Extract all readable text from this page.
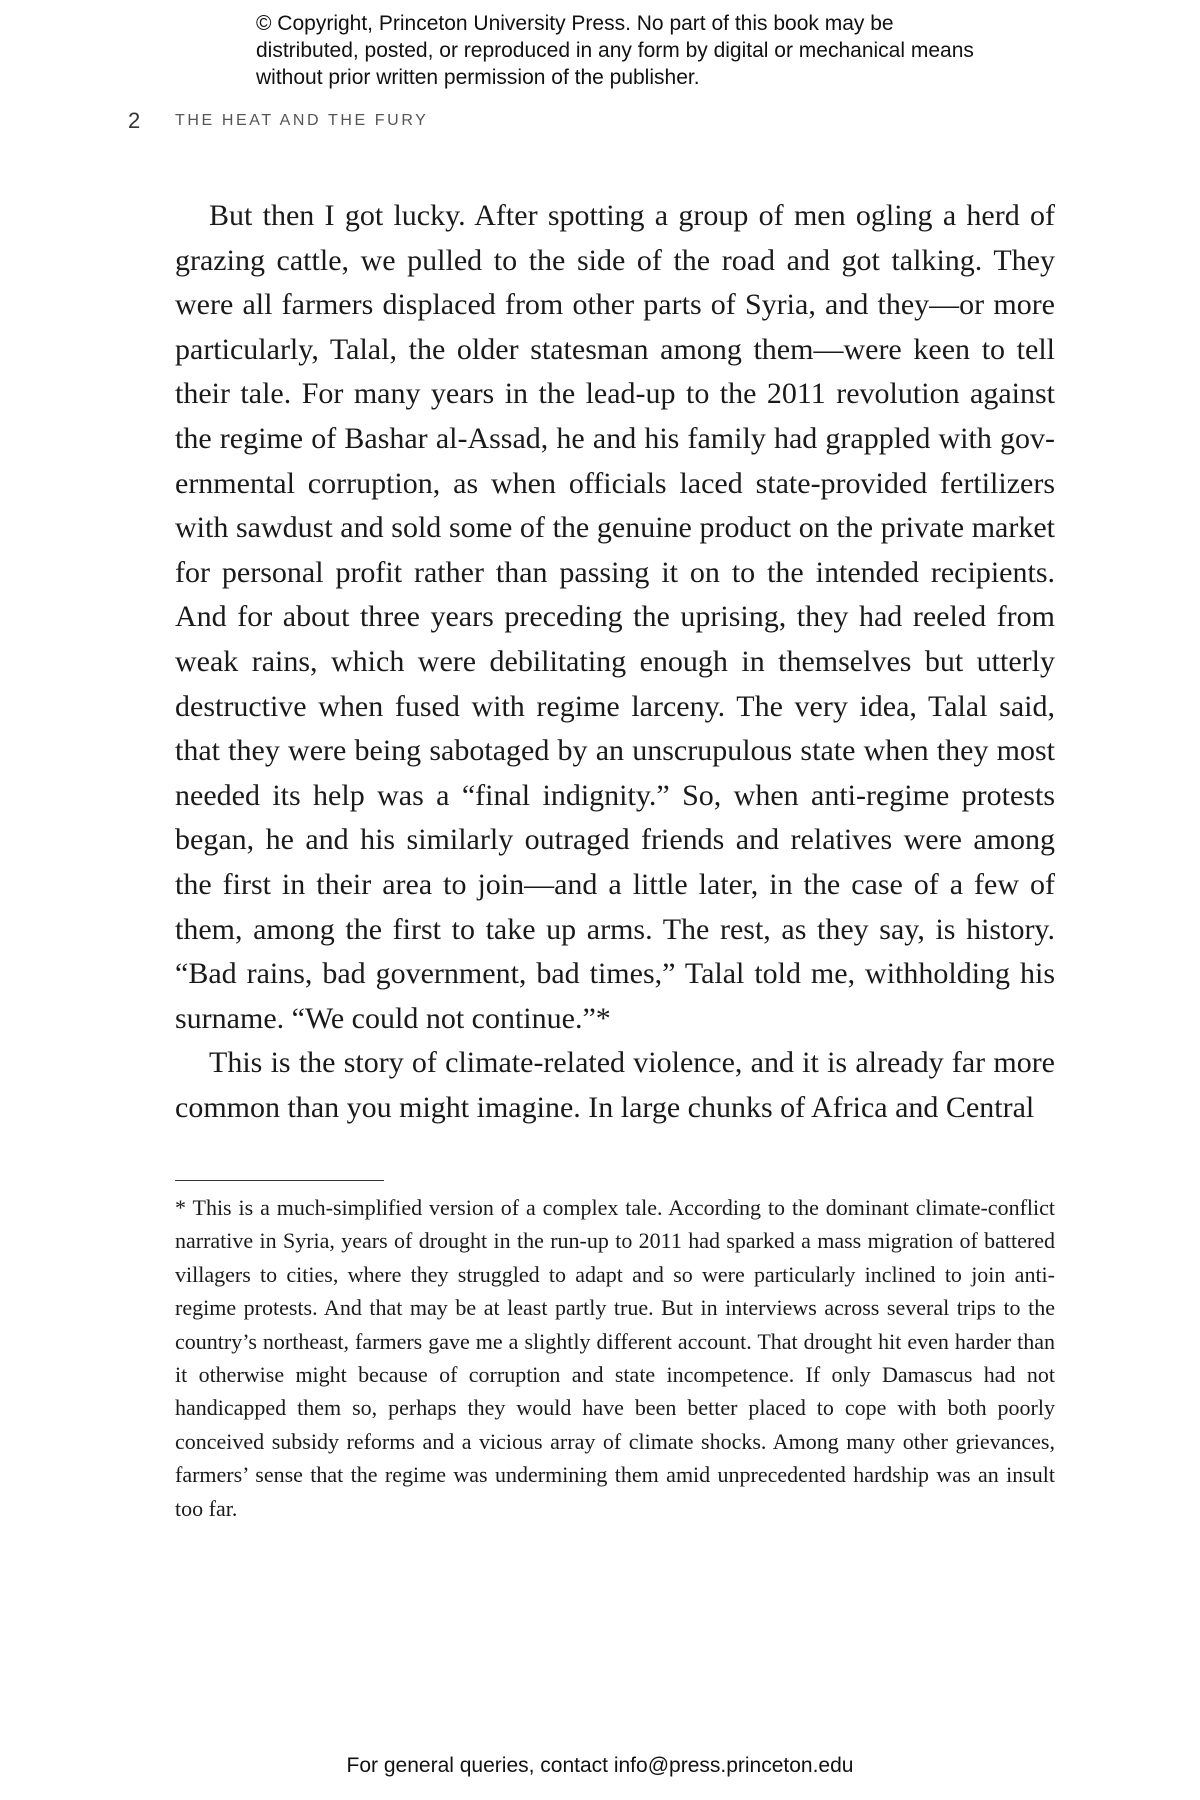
© Copyright, Princeton University Press. No part of this book may be distributed, posted, or reproduced in any form by digital or mechanical means without prior written permission of the publisher.
2 THE HEAT AND THE FURY

But then I got lucky. After spotting a group of men ogling a herd of grazing cattle, we pulled to the side of the road and got talking. They were all farmers displaced from other parts of Syria, and they—or more particularly, Talal, the older statesman among them—were keen to tell their tale. For many years in the lead-up to the 2011 revolution against the regime of Bashar al-Assad, he and his family had grappled with governmental corruption, as when officials laced state-provided fertilizers with sawdust and sold some of the genuine product on the private market for personal profit rather than passing it on to the intended recipients. And for about three years preceding the uprising, they had reeled from weak rains, which were debilitating enough in themselves but utterly destructive when fused with regime larceny. The very idea, Talal said, that they were being sabotaged by an unscrupulous state when they most needed its help was a “final indignity.” So, when anti-regime protests began, he and his similarly outraged friends and relatives were among the first in their area to join—and a little later, in the case of a few of them, among the first to take up arms. The rest, as they say, is history. “Bad rains, bad government, bad times,” Talal told me, withholding his surname. “We could not continue.”*

This is the story of climate-related violence, and it is already far more common than you might imagine. In large chunks of Africa and Central

* This is a much-simplified version of a complex tale. According to the dominant climate-conflict narrative in Syria, years of drought in the run-up to 2011 had sparked a mass migration of battered villagers to cities, where they struggled to adapt and so were particularly inclined to join anti-regime protests. And that may be at least partly true. But in interviews across several trips to the country’s northeast, farmers gave me a slightly different account. That drought hit even harder than it otherwise might because of corruption and state incompetence. If only Damascus had not handicapped them so, perhaps they would have been better placed to cope with both poorly conceived subsidy reforms and a vicious array of climate shocks. Among many other grievances, farmers’ sense that the regime was undermining them amid unprecedented hardship was an insult too far.

For general queries, contact info@press.princeton.edu
